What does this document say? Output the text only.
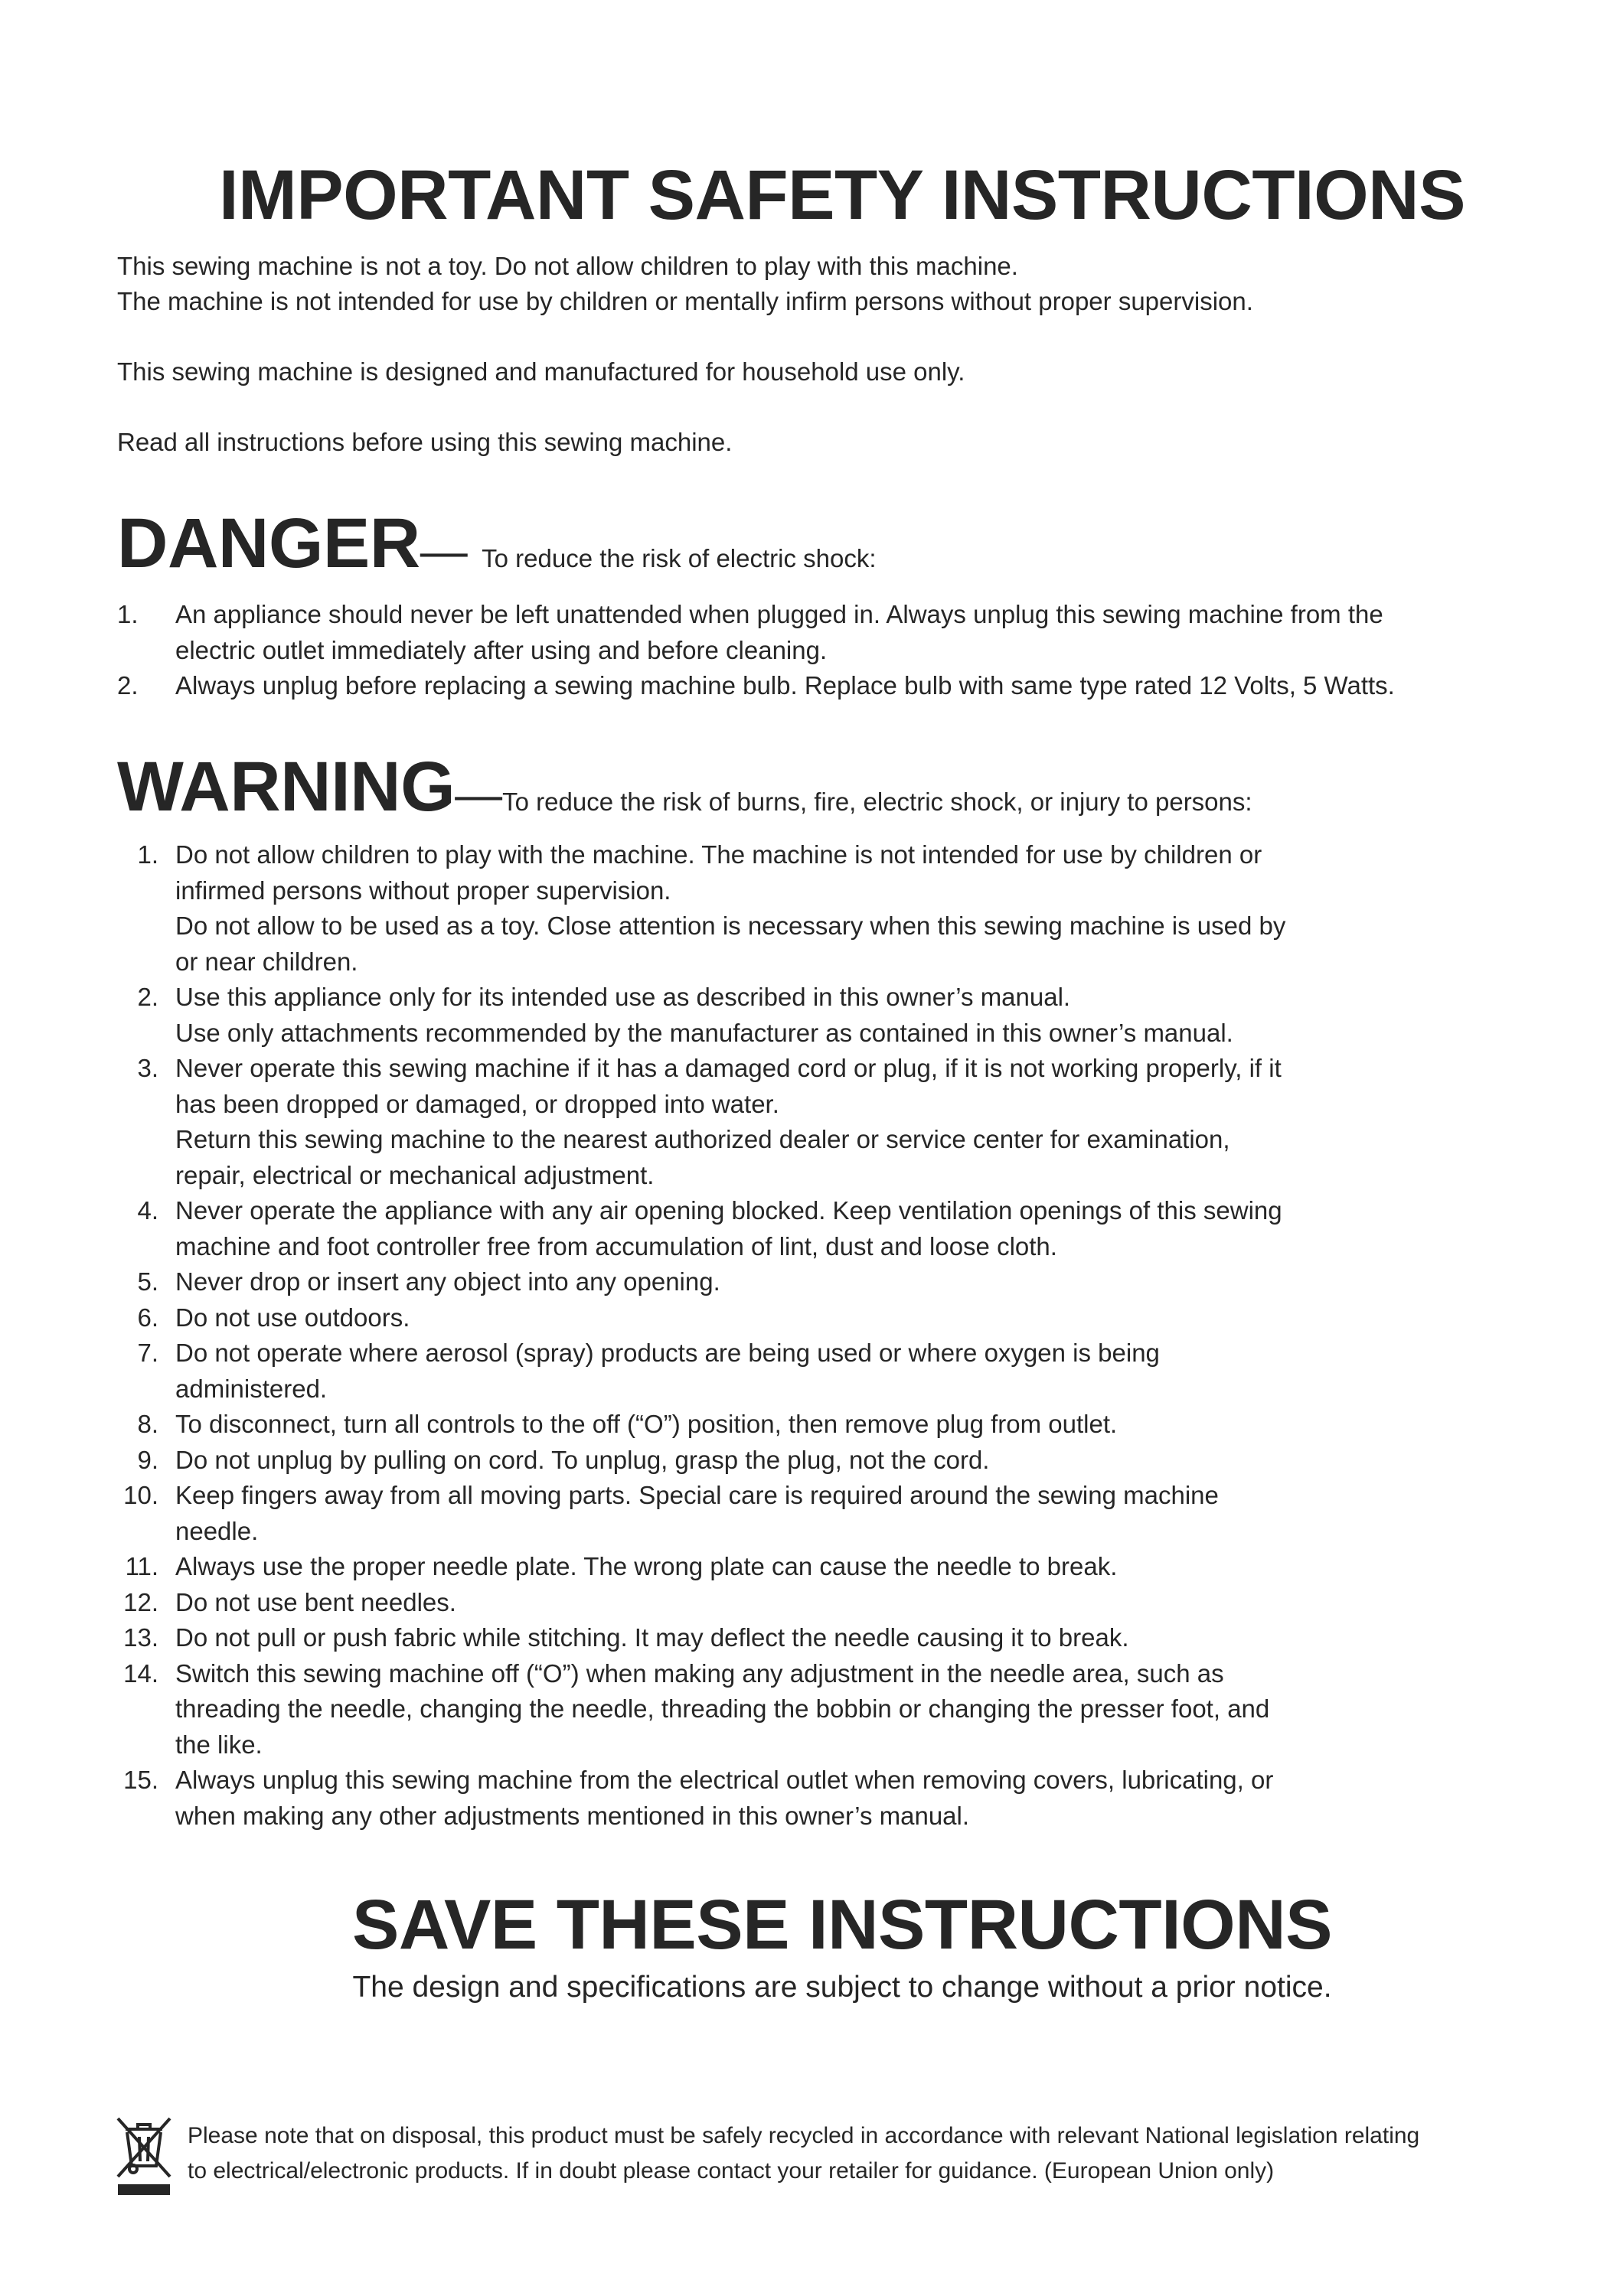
IMPORTANT SAFETY INSTRUCTIONS

This sewing machine is not a toy. Do not allow children to play with this machine.

The machine is not intended for use by children or mentally infirm persons without proper supervision.

This sewing machine is designed and manufactured for household use only.

Read all instructions before using this sewing machine.

DANGER— To reduce the risk of electric shock:
1.	An appliance should never be left unattended when plugged in. Always unplug this sewing machine from the

electric outlet immediately after using and before cleaning.

2.	Always unplug before replacing a sewing machine bulb. Replace bulb with same type rated 12 Volts, 5 Watts.

WARNING—To reduce the risk of burns, fire, electric shock, or injury to persons:
1. Do not allow children to play with the machine. The machine is not intended for use by children or

infirmed persons without proper supervision.

Do not allow to be used as a toy. Close attention is necessary when this sewing machine is used by

or near children.

2. Use this appliance only for its intended use as described in this owner’s manual.

Use only attachments recommended by the manufacturer as contained in this owner’s manual.

3. Never operate this sewing machine if it has a damaged cord or plug, if it is not working properly, if it

has been dropped or damaged, or dropped into water.

Return this sewing machine to the nearest authorized dealer or service center for examination,

repair, electrical or mechanical adjustment.

4. Never operate the appliance with any air opening blocked. Keep ventilation openings of this sewing

machine and foot controller free from accumulation of lint, dust and loose cloth.

5. Never drop or insert any object into any opening.

6. Do not use outdoors.

7. Do not operate where aerosol (spray) products are being used or where oxygen is being

administered.

8. To disconnect, turn all controls to the off (“O”) position, then remove plug from outlet.

9. Do not unplug by pulling on cord. To unplug, grasp the plug, not the cord.

10. Keep fingers away from all moving parts. Special care is required around the sewing machine

needle.

11. Always use the proper needle plate. The wrong plate can cause the needle to break.

12. Do not use bent needles.

13. Do not pull or push fabric while stitching. It may deflect the needle causing it to break.

14. Switch this sewing machine off (“O”) when making any adjustment in the needle area, such as

threading the needle, changing the needle, threading the bobbin or changing the presser foot, and

the like.

15. Always unplug this sewing machine from the electrical outlet when removing covers, lubricating, or

when making any other adjustments mentioned in this owner’s manual.

SAVE THESE INSTRUCTIONS
The design and specifications are subject to change without a prior notice.

Please note that on disposal, this product must be safely recycled in accordance with relevant National legislation relating

to electrical/electronic products. If in doubt please contact your retailer for guidance. (European Union only)
